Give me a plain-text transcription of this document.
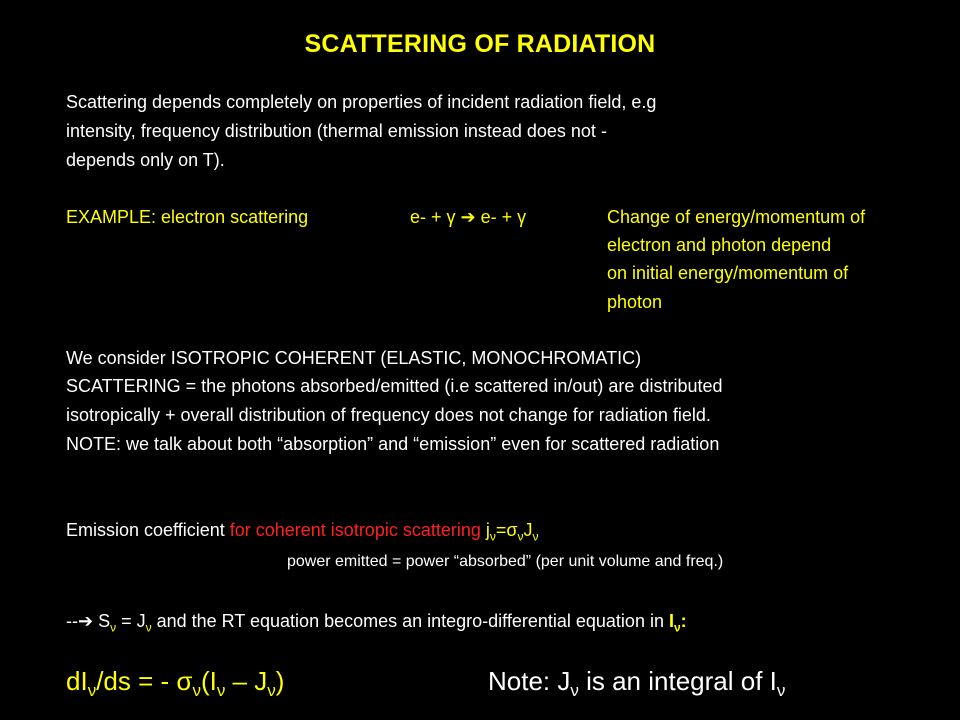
SCATTERING OF RADIATION
Scattering depends completely on properties of incident radiation field, e.g
intensity, frequency distribution (thermal emission instead does not -
depends only on T).
EXAMPLE: electron scattering	e- + γ ➔ e- + γ	Change of energy/momentum of
electron and photon depend
on initial energy/momentum of
photon
We consider ISOTROPIC COHERENT (ELASTIC, MONOCHROMATIC)
SCATTERING = the photons absorbed/emitted (i.e scattered in/out) are distributed
isotropically + overall distribution of frequency does not change for radiation field.
NOTE: we talk about both “absorption” and “emission” even for scattered radiation
Emission coefficient for coherent isotropic scattering $j_\nu=\sigma_\nu J_\nu$
power emitted = power “absorbed” (per unit volume and freq.)
--➔ $S_\nu = J_\nu$ and the RT equation becomes an integro-differential equation in $I_\nu$:
$dI_\nu/ds$ = - $\sigma_\nu(I_\nu - J_\nu)$	Note: $J_\nu$ is an integral of $I_\nu$
